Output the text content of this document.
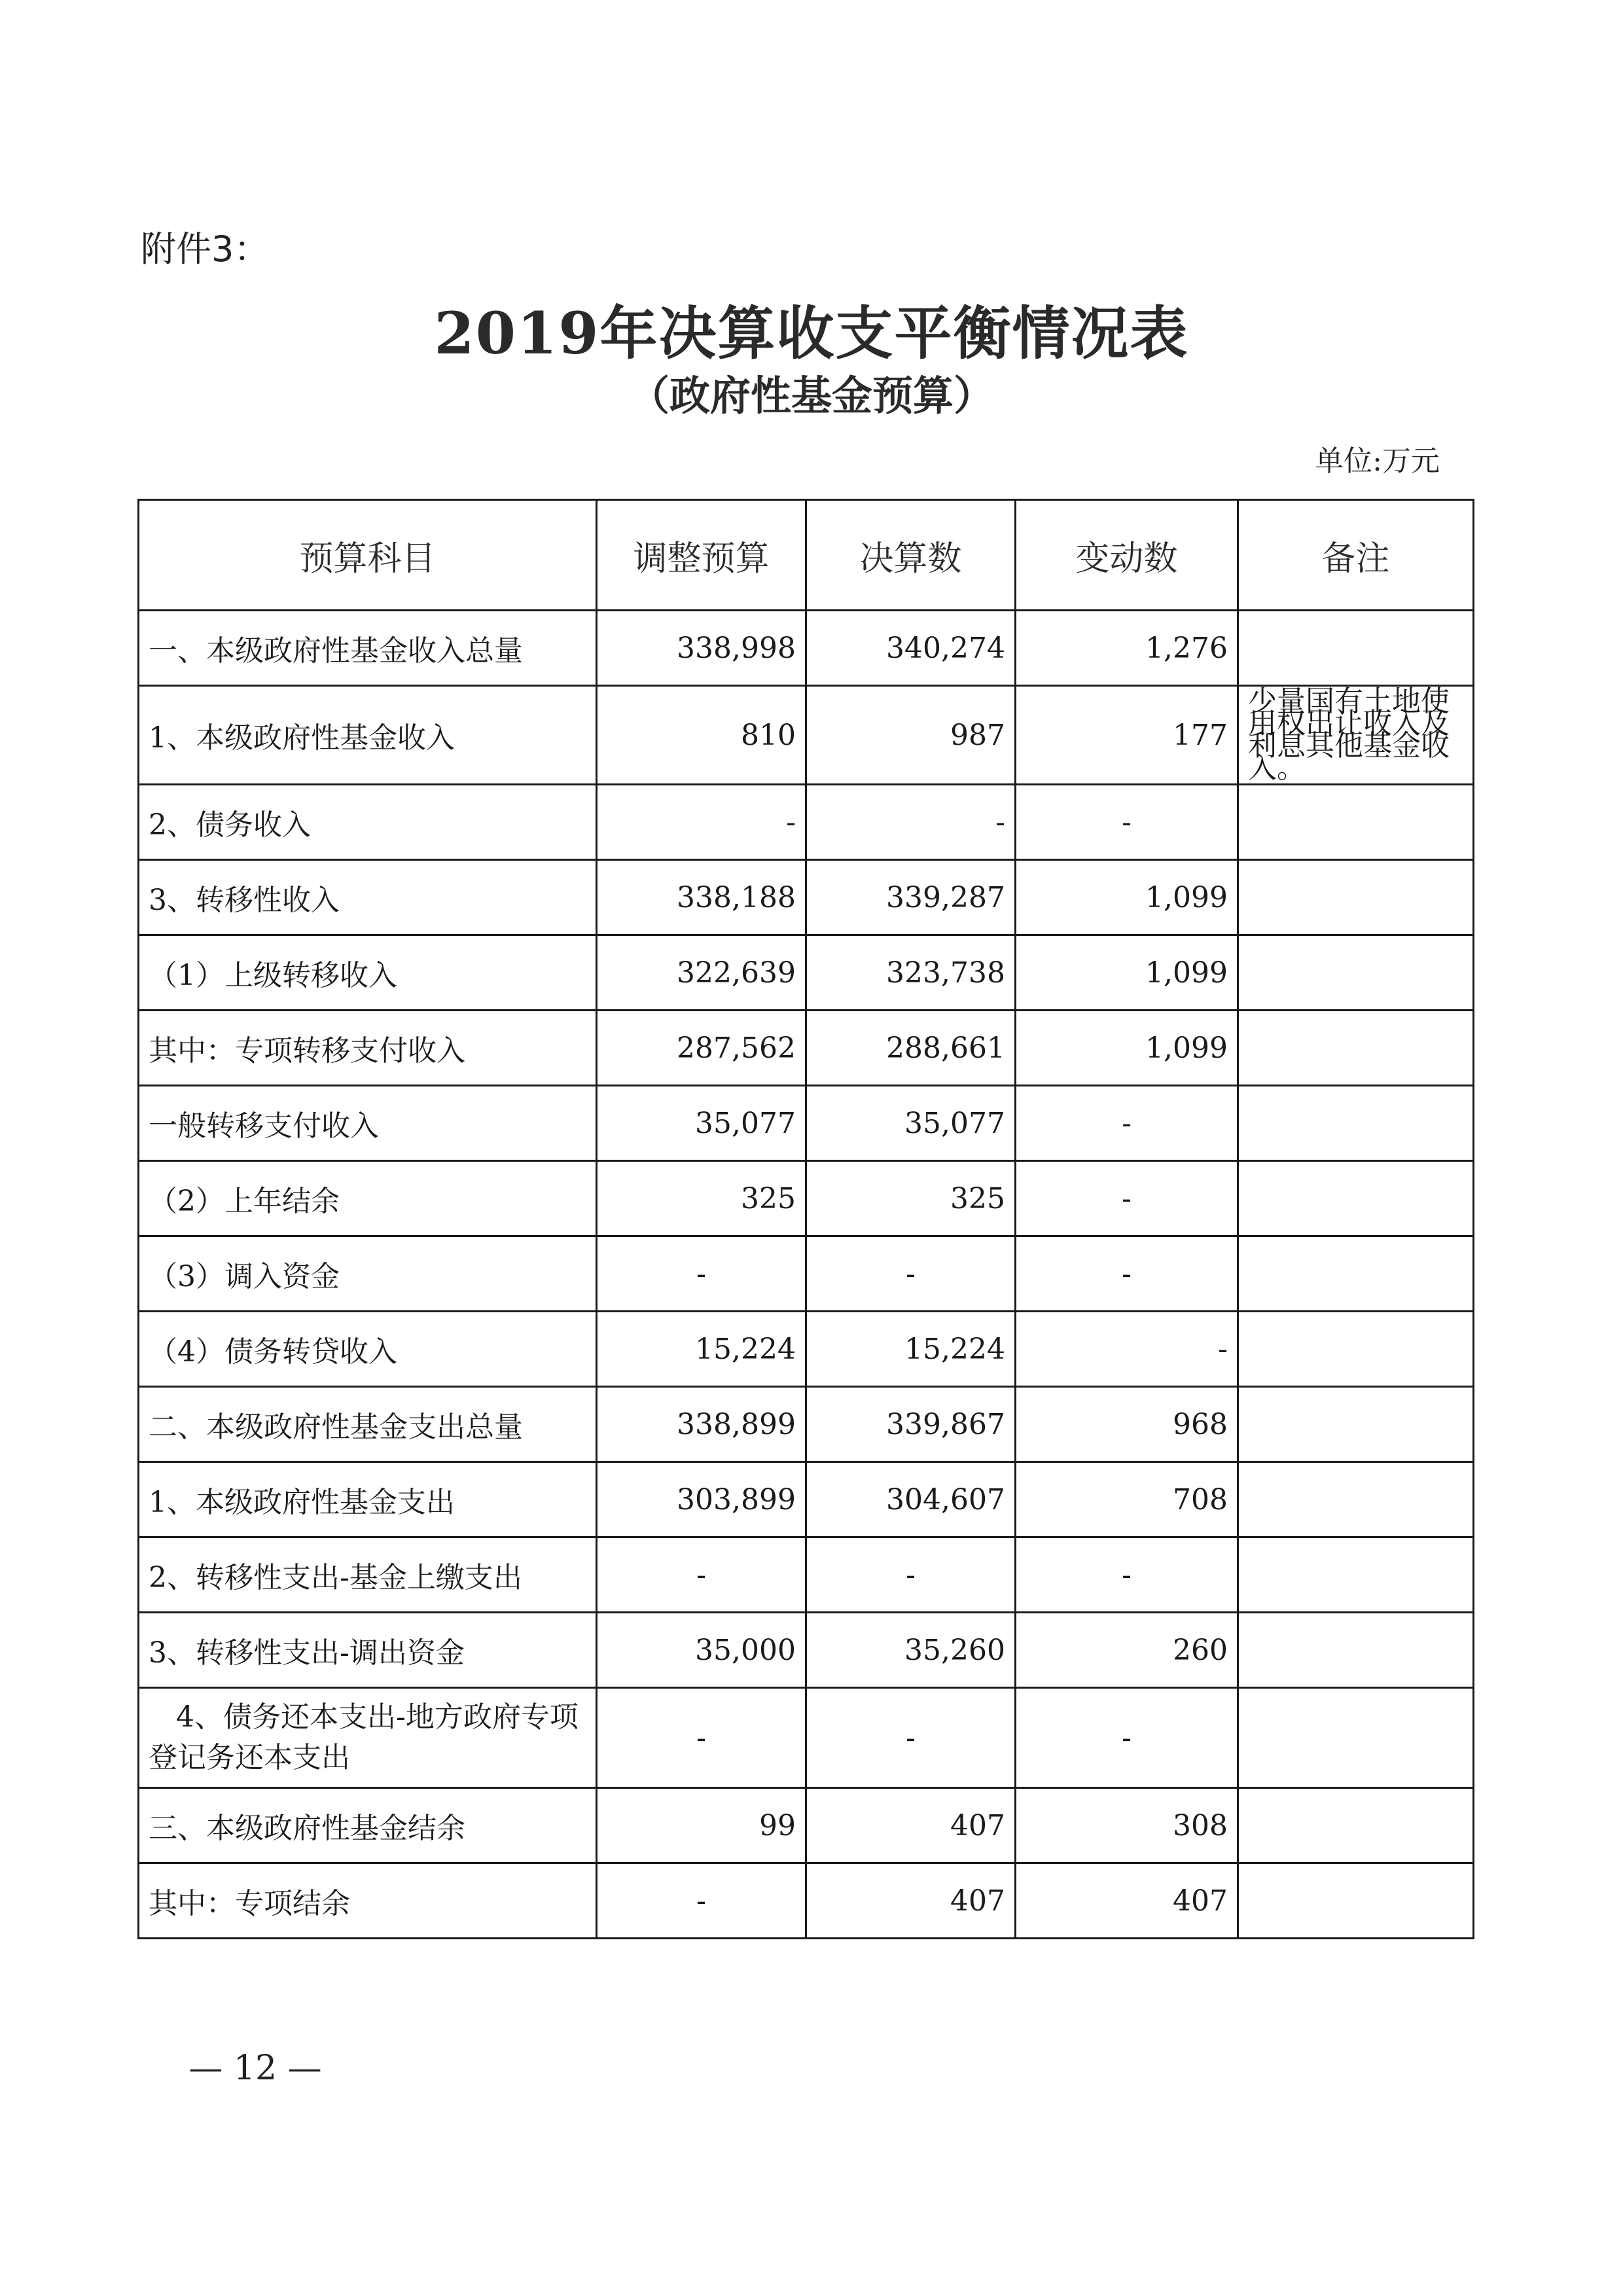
附件3：
2019年决算收支平衡情况表
（政府性基金预算）
单位:万元
预算科目	调整预算	决算数	变动数	备注
一、本级政府性基金收入总量	338,998	340,274	1,276	
1、本级政府性基金收入	810	987	177	少量国有土地使用权出让收入及利息其他基金收入。
2、债务收入	-	-	-	
3、转移性收入	338,188	339,287	1,099	
（1）上级转移收入	322,639	323,738	1,099	
其中：专项转移支付收入	287,562	288,661	1,099	
一般转移支付收入	35,077	35,077	-	
（2）上年结余	325	325	-	
（3）调入资金	-	-	-	
（4）债务转贷收入	15,224	15,224	-	
二、本级政府性基金支出总量	338,899	339,867	968	
1、本级政府性基金支出	303,899	304,607	708	
2、转移性支出-基金上缴支出	-	-	-	
3、转移性支出-调出资金	35,000	35,260	260	
4、债务还本支出-地方政府专项登记务还本支出	-	-	-	
三、本级政府性基金结余	99	407	308	
其中：专项结余	-	407	407	
— 12 —
